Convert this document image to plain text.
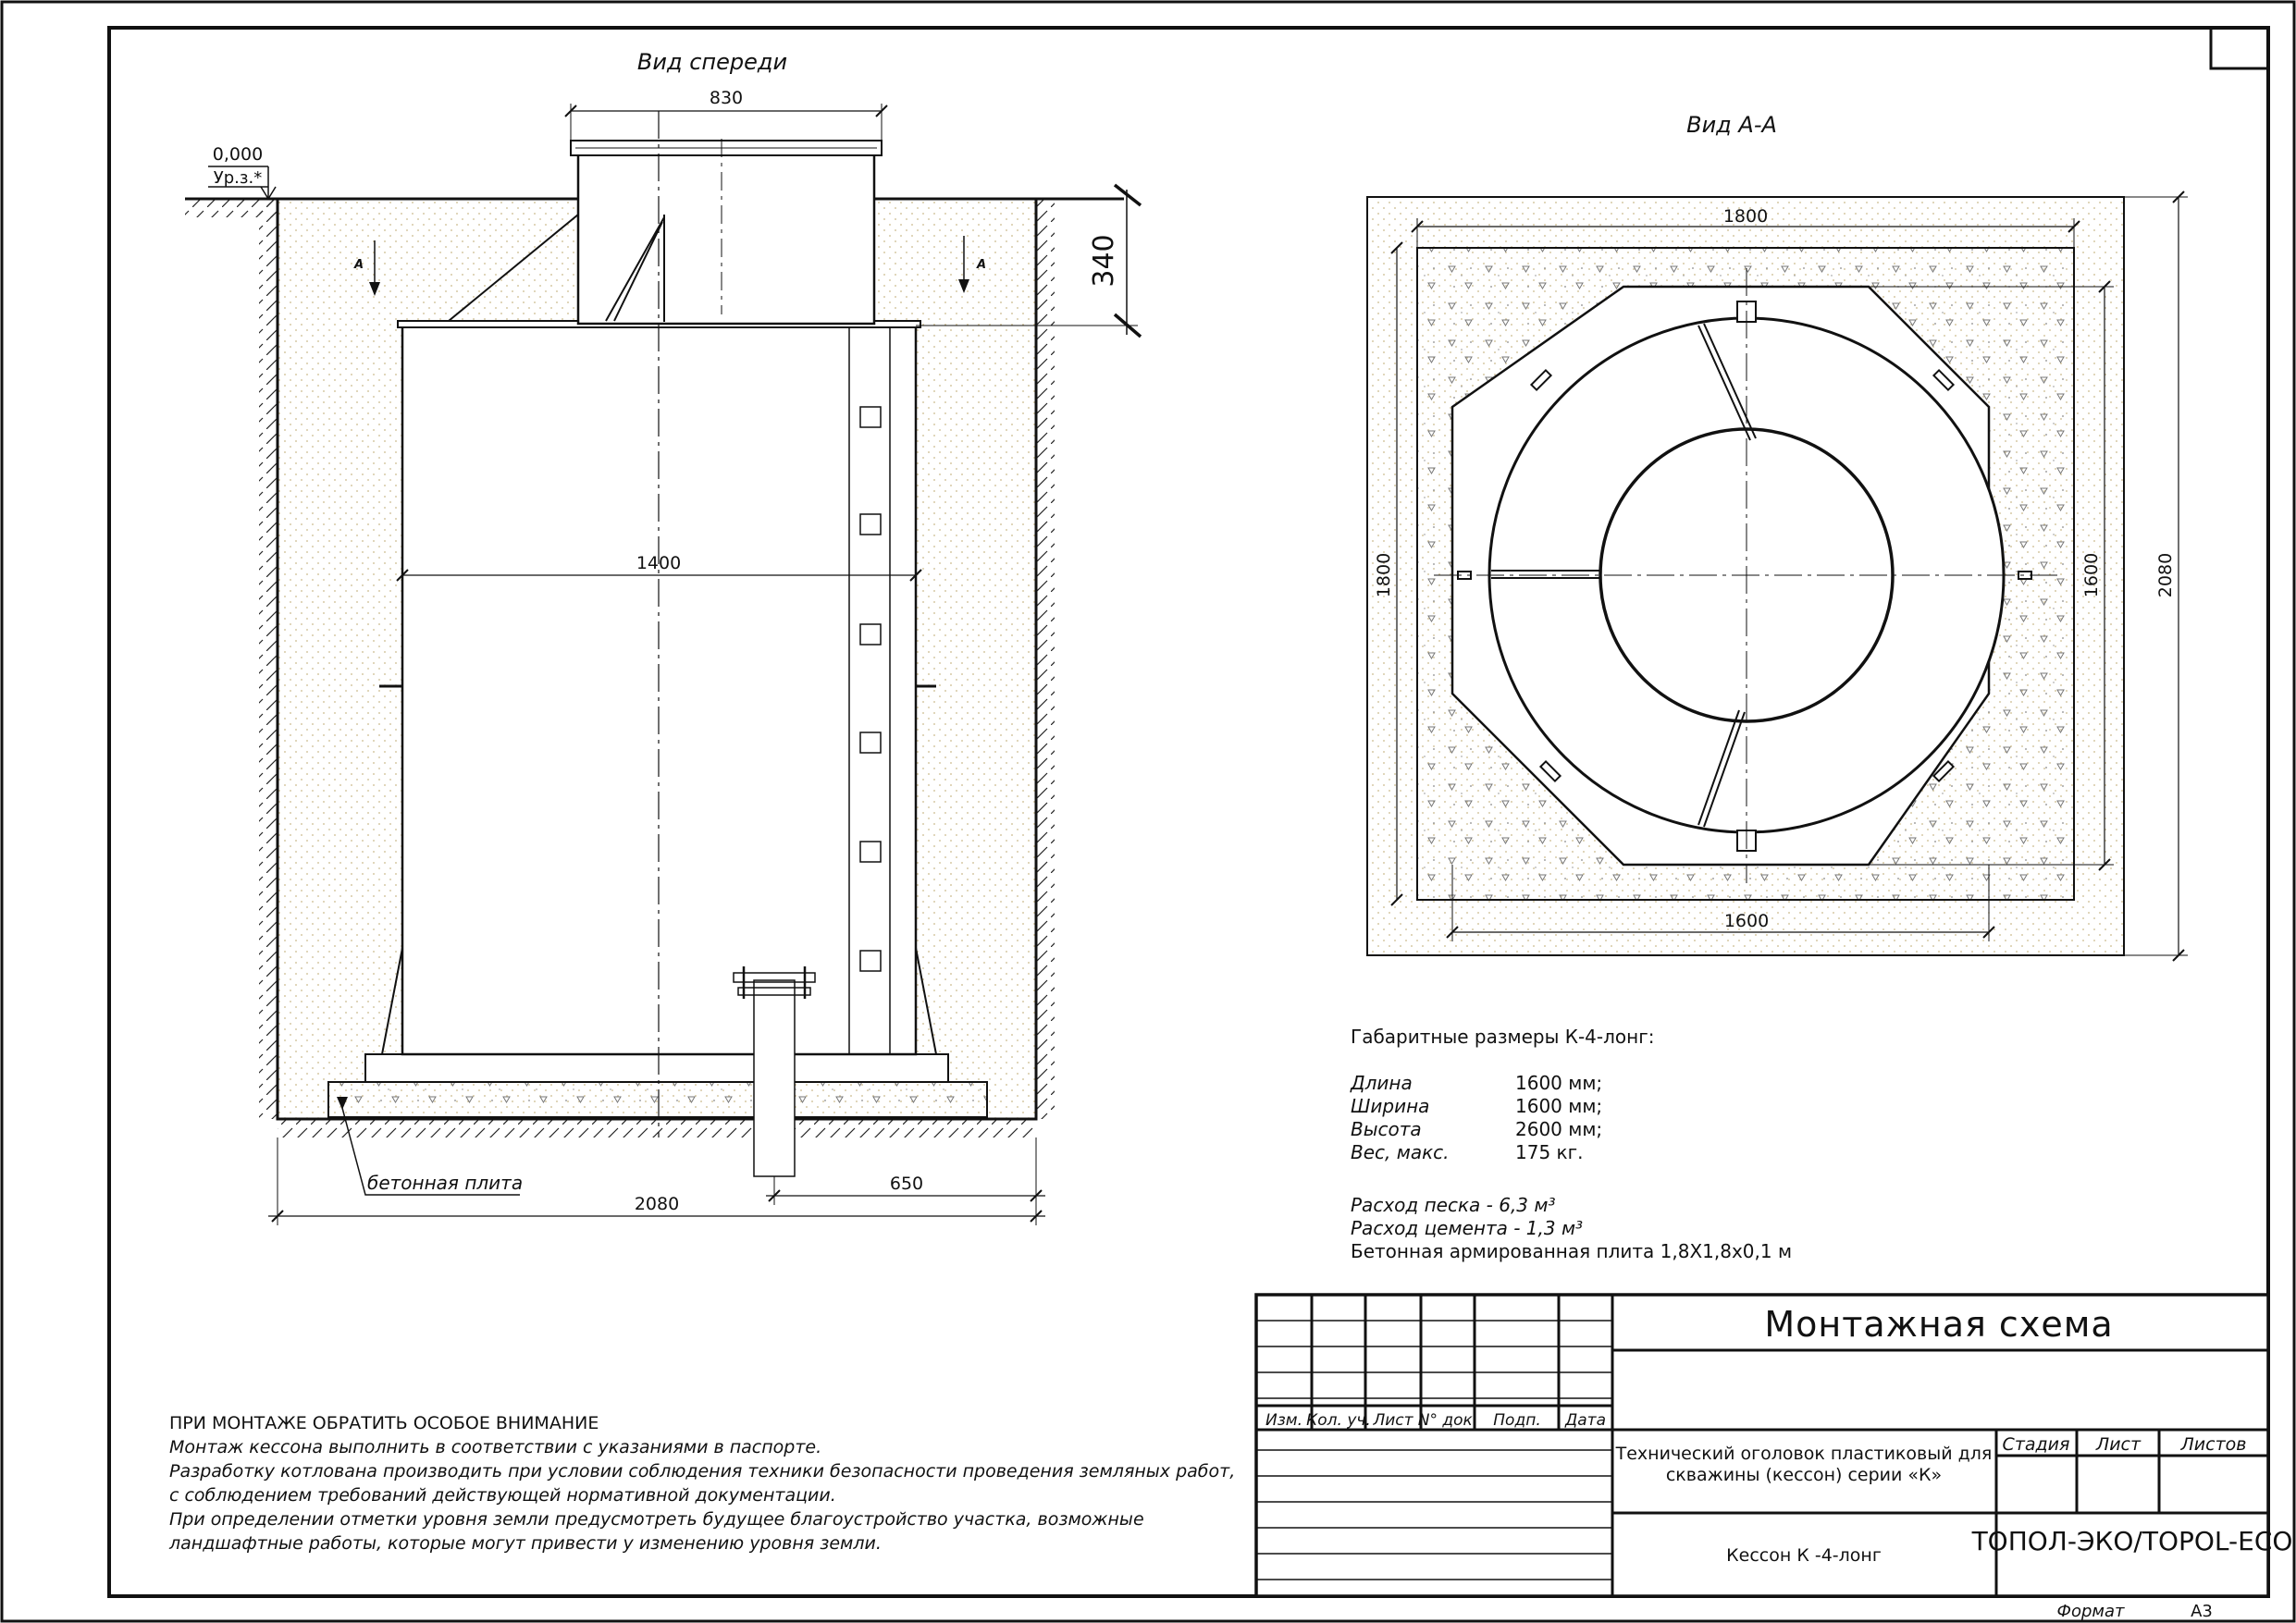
Вид спереди
0,000
Ур.з.*
А	А
830
340
1400
2080
650
бетонная плита
Вид А-А
1800
1600
1800	1600	2080
Габаритные размеры К-4-лонг:
Длина	1600 мм;
Ширина	1600 мм;
Высота	2600 мм;
Вес, макс.	175 кг.
Расход песка - 6,3 м³
Расход цемента - 1,3 м³
Бетонная армированная плита 1,8Х1,8х0,1 м
ПРИ МОНТАЖЕ ОБРАТИТЬ ОСОБОЕ ВНИМАНИЕ
Монтаж кессона выполнить в соответствии с указаниями в паспорте.
Разработку котлована производить при условии соблюдения техники безопасности проведения земляных работ,
с соблюдением требований действующей нормативной документации.
При определении отметки уровня земли предусмотреть будущее благоустройство участка, возможные
ландшафтные работы, которые могут привести у изменению уровня земли.
Монтажная схема
Изм. Кол. уч. Лист N° док. Подп. Дата
Технический оголовок пластиковый для
скважины (кессон) серии «К»
Стадия Лист Листов
Кессон К -4-лонг	ТОПОЛ-ЭКО/TOPOL-ECO
Формат	А3
